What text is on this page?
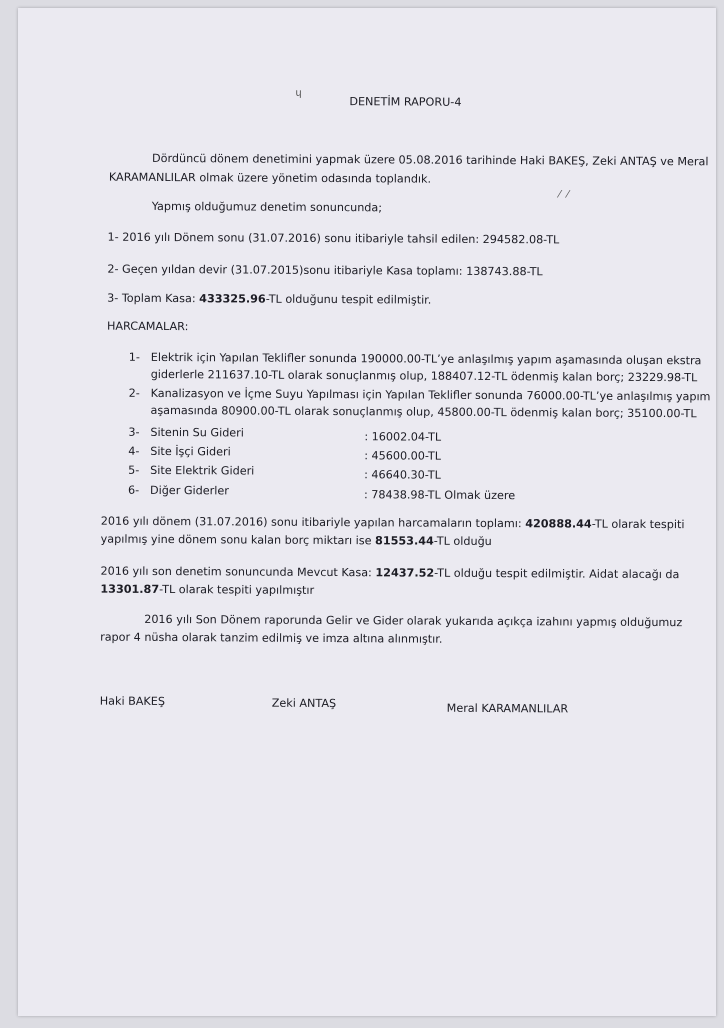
ɥ
⁄  ⁄
DENETİM RAPORU-4
Dördüncü dönem denetimini yapmak üzere 05.08.2016 tarihinde Haki BAKEŞ, Zeki ANTAŞ ve Meral
KARAMANLILAR olmak üzere yönetim odasında toplandık.
Yapmış olduğumuz denetim sonuncunda;
1- 2016 yılı Dönem sonu (31.07.2016) sonu itibariyle tahsil edilen: 294582.08-TL
2- Geçen yıldan devir (31.07.2015)sonu itibariyle Kasa toplamı: 138743.88-TL
3- Toplam Kasa: 433325.96-TL olduğunu tespit edilmiştir.
HARCAMALAR:
1- Elektrik için Yapılan Teklifler sonunda 190000.00-TL’ye anlaşılmış yapım aşamasında oluşan ekstra
giderlerle 211637.10-TL olarak sonuçlanmış olup, 188407.12-TL ödenmiş kalan borç; 23229.98-TL
2- Kanalizasyon ve İçme Suyu Yapılması için Yapılan Teklifler sonunda 76000.00-TL’ye anlaşılmış yapım
aşamasında 80900.00-TL olarak sonuçlanmış olup, 45800.00-TL ödenmiş kalan borç; 35100.00-TL
3- Sitenin Su Gideri	: 16002.04-TL
4- Site İşçi Gideri	: 45600.00-TL
5- Site Elektrik Gideri	: 46640.30-TL
6- Diğer Giderler	: 78438.98-TL Olmak üzere
2016 yılı dönem (31.07.2016) sonu itibariyle yapılan harcamaların toplamı: 420888.44-TL olarak tespiti
yapılmış yine dönem sonu kalan borç miktarı ise 81553.44-TL olduğu
2016 yılı son denetim sonuncunda Mevcut Kasa: 12437.52-TL olduğu tespit edilmiştir. Aidat alacağı da
13301.87-TL olarak tespiti yapılmıştır
2016 yılı Son Dönem raporunda Gelir ve Gider olarak yukarıda açıkça izahını yapmış olduğumuz
rapor 4 nüsha olarak tanzim edilmiş ve imza altına alınmıştır.
Haki BAKEŞ	Zeki ANTAŞ	Meral KARAMANLILAR
